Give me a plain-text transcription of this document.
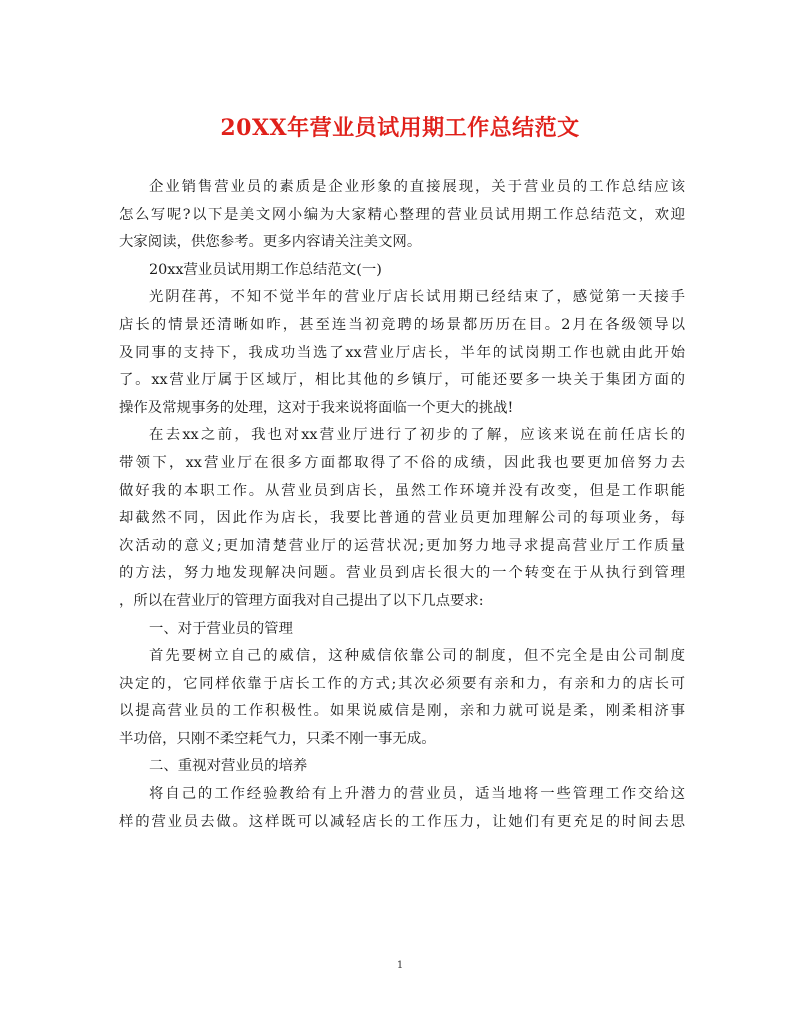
20XX年营业员试用期工作总结范文
企业销售营业员的素质是企业形象的直接展现，关于营业员的工作总结应该
怎么写呢?以下是美文网小编为大家精心整理的营业员试用期工作总结范文，欢迎
大家阅读，供您参考。更多内容请关注美文网。
20xx营业员试用期工作总结范文(一)
光阴荏苒，不知不觉半年的营业厅店长试用期已经结束了，感觉第一天接手
店长的情景还清晰如昨，甚至连当初竞聘的场景都历历在目。2月在各级领导以
及同事的支持下，我成功当选了xx营业厅店长，半年的试岗期工作也就由此开始
了。xx营业厅属于区域厅，相比其他的乡镇厅，可能还要多一块关于集团方面的
操作及常规事务的处理，这对于我来说将面临一个更大的挑战!
在去xx之前，我也对xx营业厅进行了初步的了解，应该来说在前任店长的
带领下，xx营业厅在很多方面都取得了不俗的成绩，因此我也要更加倍努力去
做好我的本职工作。从营业员到店长，虽然工作环境并没有改变，但是工作职能
却截然不同，因此作为店长，我要比普通的营业员更加理解公司的每项业务，每
次活动的意义;更加清楚营业厅的运营状况;更加努力地寻求提高营业厅工作质量
的方法，努力地发现解决问题。营业员到店长很大的一个转变在于从执行到管理
，所以在营业厅的管理方面我对自己提出了以下几点要求:
一、对于营业员的管理
首先要树立自己的威信，这种威信依靠公司的制度，但不完全是由公司制度
决定的，它同样依靠于店长工作的方式;其次必须要有亲和力，有亲和力的店长可
以提高营业员的工作积极性。如果说威信是刚，亲和力就可说是柔，刚柔相济事
半功倍，只刚不柔空耗气力，只柔不刚一事无成。
二、重视对营业员的培养
将自己的工作经验教给有上升潜力的营业员，适当地将一些管理工作交给这
样的营业员去做。这样既可以减轻店长的工作压力，让她们有更充足的时间去思
1
